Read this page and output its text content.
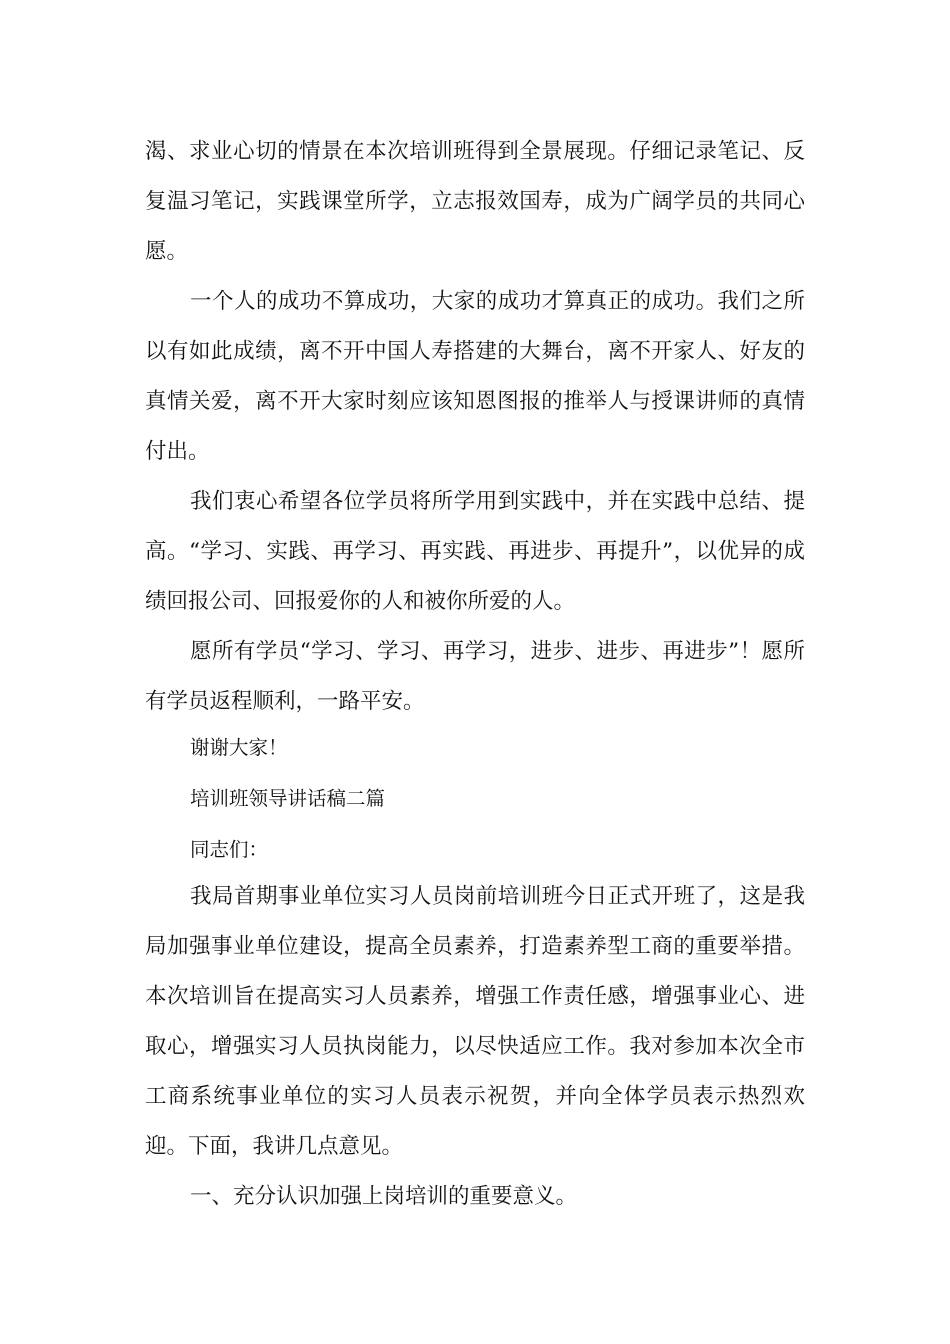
渴、求业心切的情景在本次培训班得到全景展现。仔细记录笔记、反复温习笔记，实践课堂所学，立志报效国寿，成为广阔学员的共同心愿。

一个人的成功不算成功，大家的成功才算真正的成功。我们之所以有如此成绩，离不开中国人寿搭建的大舞台，离不开家人、好友的真情关爱，离不开大家时刻应该知恩图报的推举人与授课讲师的真情付出。

我们衷心希望各位学员将所学用到实践中，并在实践中总结、提高。“学习、实践、再学习、再实践、再进步、再提升”，以优异的成绩回报公司、回报爱你的人和被你所爱的人。

愿所有学员“学习、学习、再学习，进步、进步、再进步”！愿所有学员返程顺利，一路平安。

谢谢大家！

培训班领导讲话稿二篇

同志们：

我局首期事业单位实习人员岗前培训班今日正式开班了，这是我局加强事业单位建设，提高全员素养，打造素养型工商的重要举措。本次培训旨在提高实习人员素养，增强工作责任感，增强事业心、进取心，增强实习人员执岗能力，以尽快适应工作。我对参加本次全市工商系统事业单位的实习人员表示祝贺，并向全体学员表示热烈欢迎。下面，我讲几点意见。

一、充分认识加强上岗培训的重要意义。
